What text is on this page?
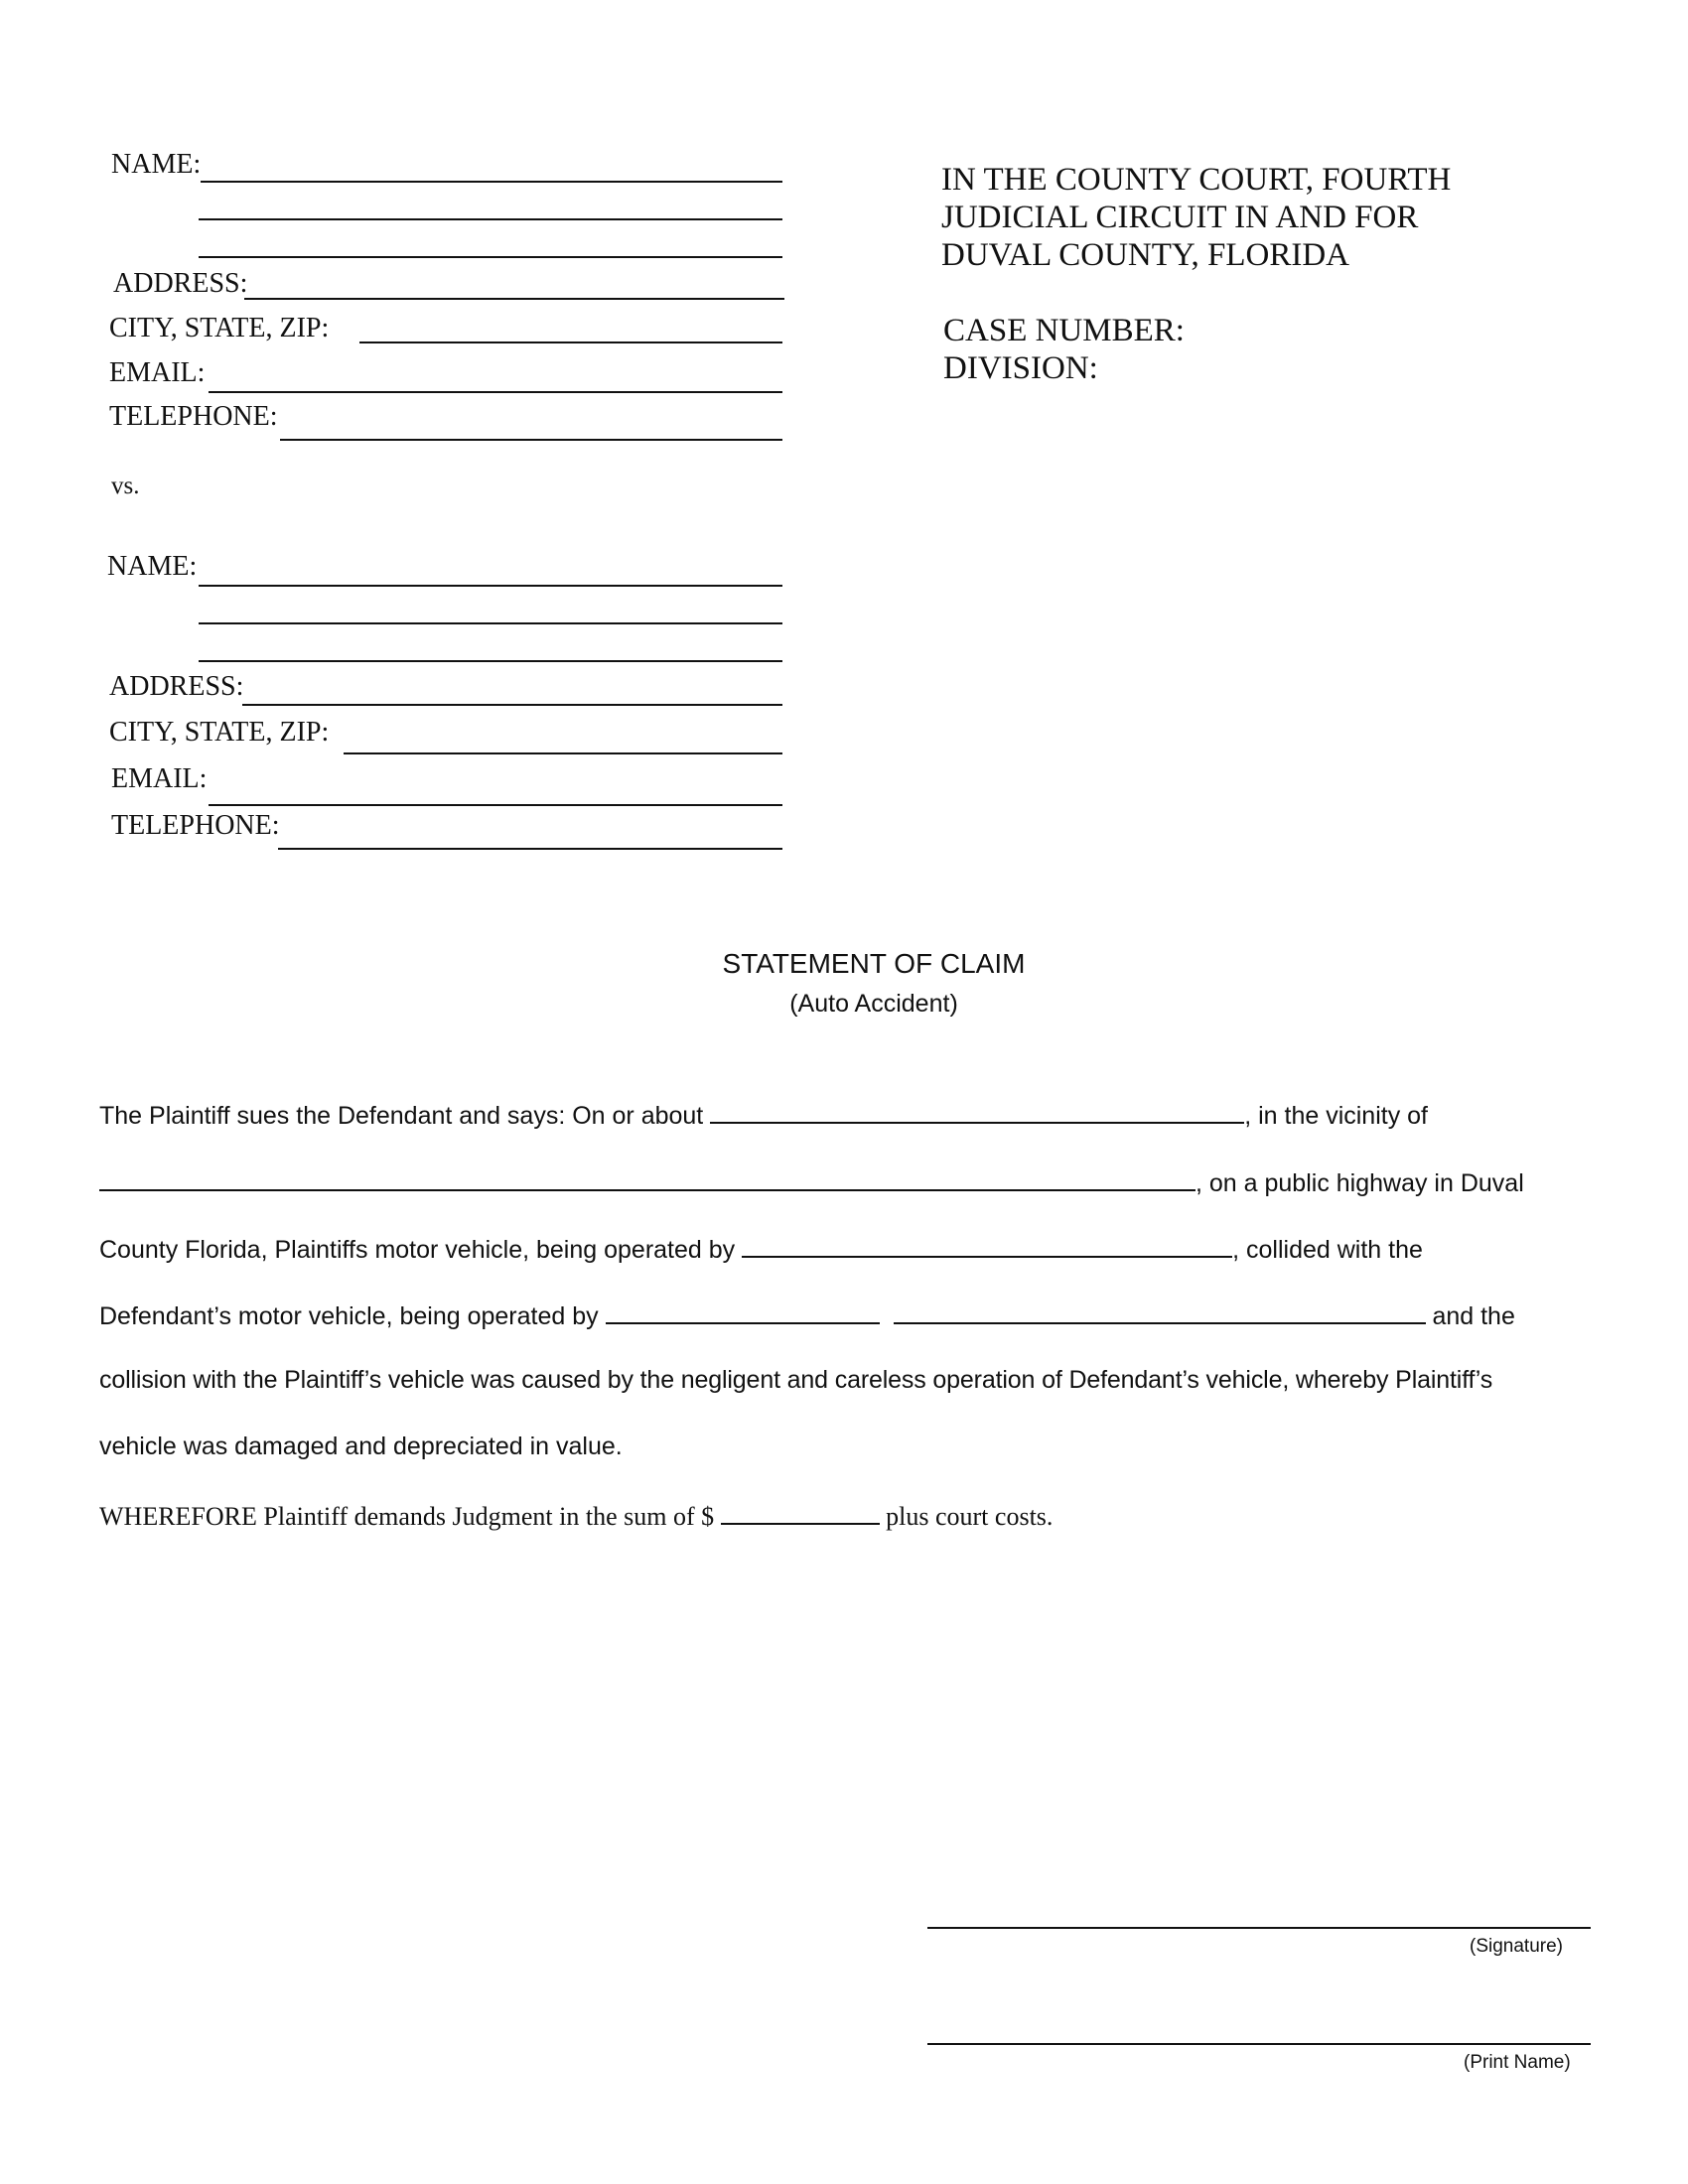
NAME:
ADDRESS:
CITY, STATE, ZIP:
EMAIL:
TELEPHONE:
vs.
NAME:
ADDRESS:
CITY, STATE, ZIP:
EMAIL:
TELEPHONE:
IN THE COUNTY COURT, FOURTH
JUDICIAL CIRCUIT IN AND FOR
DUVAL COUNTY, FLORIDA
CASE NUMBER:
DIVISION:
STATEMENT OF CLAIM
(Auto Accident)
The Plaintiff sues the Defendant and says: On or about	, in the vicinity of
, on a public highway in Duval
County Florida, Plaintiffs motor vehicle, being operated by	, collided with the
Defendant’s motor vehicle, being operated by	and the
collision with the Plaintiff’s vehicle was caused by the negligent and careless operation of Defendant’s vehicle, whereby Plaintiff’s
vehicle was damaged and depreciated in value.
WHEREFORE Plaintiff demands Judgment in the sum of $	plus court costs.
(Signature)
(Print Name)
